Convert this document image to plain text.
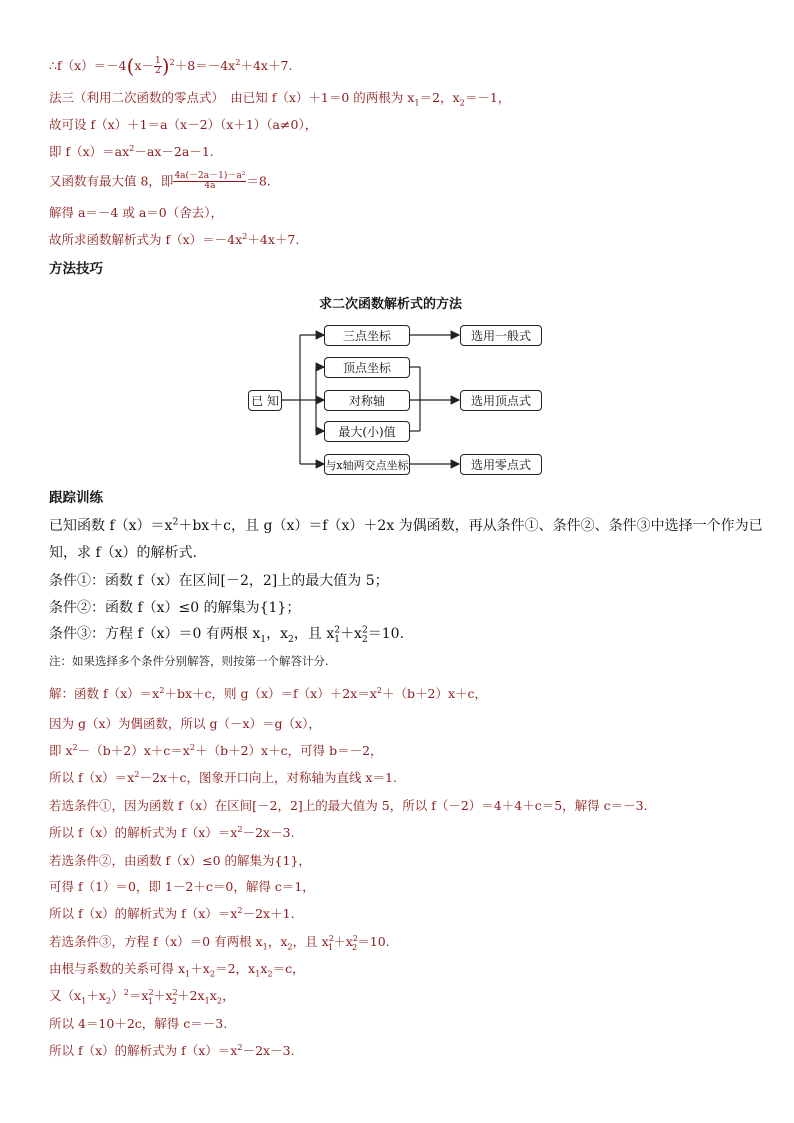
∴f（x）＝－4(x－ $\frac{1}{2} )^2+8=-4x^2+4x+7$.
法三（利用二次函数的零点式）　由已知 f（x）＋1＝0 的两根为 $x_1=2$，$x_2=-1$，
故可设 f（x）＋1＝a（x－2）（x＋1）（a≠0），
即 $f(x)=ax^2-ax-2a-1$.
又函数有最大值 8，即 $\frac{\text{4a(－2a－1)－a²}}{4a} =8$.
解得 a＝－4 或 a＝0（舍去），
故所求函数解析式为 $f(x)=-4x^2+4x+7$.
方法技巧
求二次函数解析式的方法
已 知
三点坐标
顶点坐标
对称轴
最大(小)值
与x轴两交点坐标
选用一般式
选用顶点式
选用零点式
跟踪训练
已知函数 $f(x)=x^2+bx+c$，且 g（x）＝f（x）＋2x 为偶函数，再从条件①、条件②、条件③中选择一个作为已
知，求 f（x）的解析式.
条件①：函数 f（x）在区间[－2，2]上的最大值为 5；
条件②：函数 f（x）≤0 的解集为{1}；
条件③：方程 f（x）＝0 有两根 $x_1$，$x_2$，且 $x^2_1+x^2_2=10$.
注：如果选择多个条件分别解答，则按第一个解答计分.
解：函数 $f(x)=x^2+bx+c$，则 $g(x)=f(x)+2x=x^2+(b+2)x+c$，
因为 g（x）为偶函数，所以 g（－x）＝g（x），
即 $x^2-(b+2)x+c=x^2+(b+2)x+c$，可得 b＝－2，
所以 $f(x)=x^2-2x+c$，图象开口向上，对称轴为直线 x＝1.
若选条件①，因为函数 f（x）在区间[－2，2]上的最大值为 5，所以 f（－2）＝4＋4＋c＝5，解得 c＝－3.
所以 f（x）的解析式为 $f(x)=x^2-2x-3$.
若选条件②，由函数 f（x）≤0 的解集为{1}，
可得 f（1）＝0，即 1－2＋c＝0，解得 c＝1，
所以 f（x）的解析式为 $f(x)=x^2-2x+1$.
若选条件③，方程 f（x）＝0 有两根 $x_1$，$x_2$，且 $x^2_1+x^2_2=10$.
由根与系数的关系可得 $x_1+x_2=2$，$x_1x_2=c$，
又$(x_1+x_2)^2=x^2_1+x^2_2+2x_1x_2$，
所以 4＝10＋2c，解得 c＝－3.
所以 f（x）的解析式为 $f(x)=x^2-2x-3$.
